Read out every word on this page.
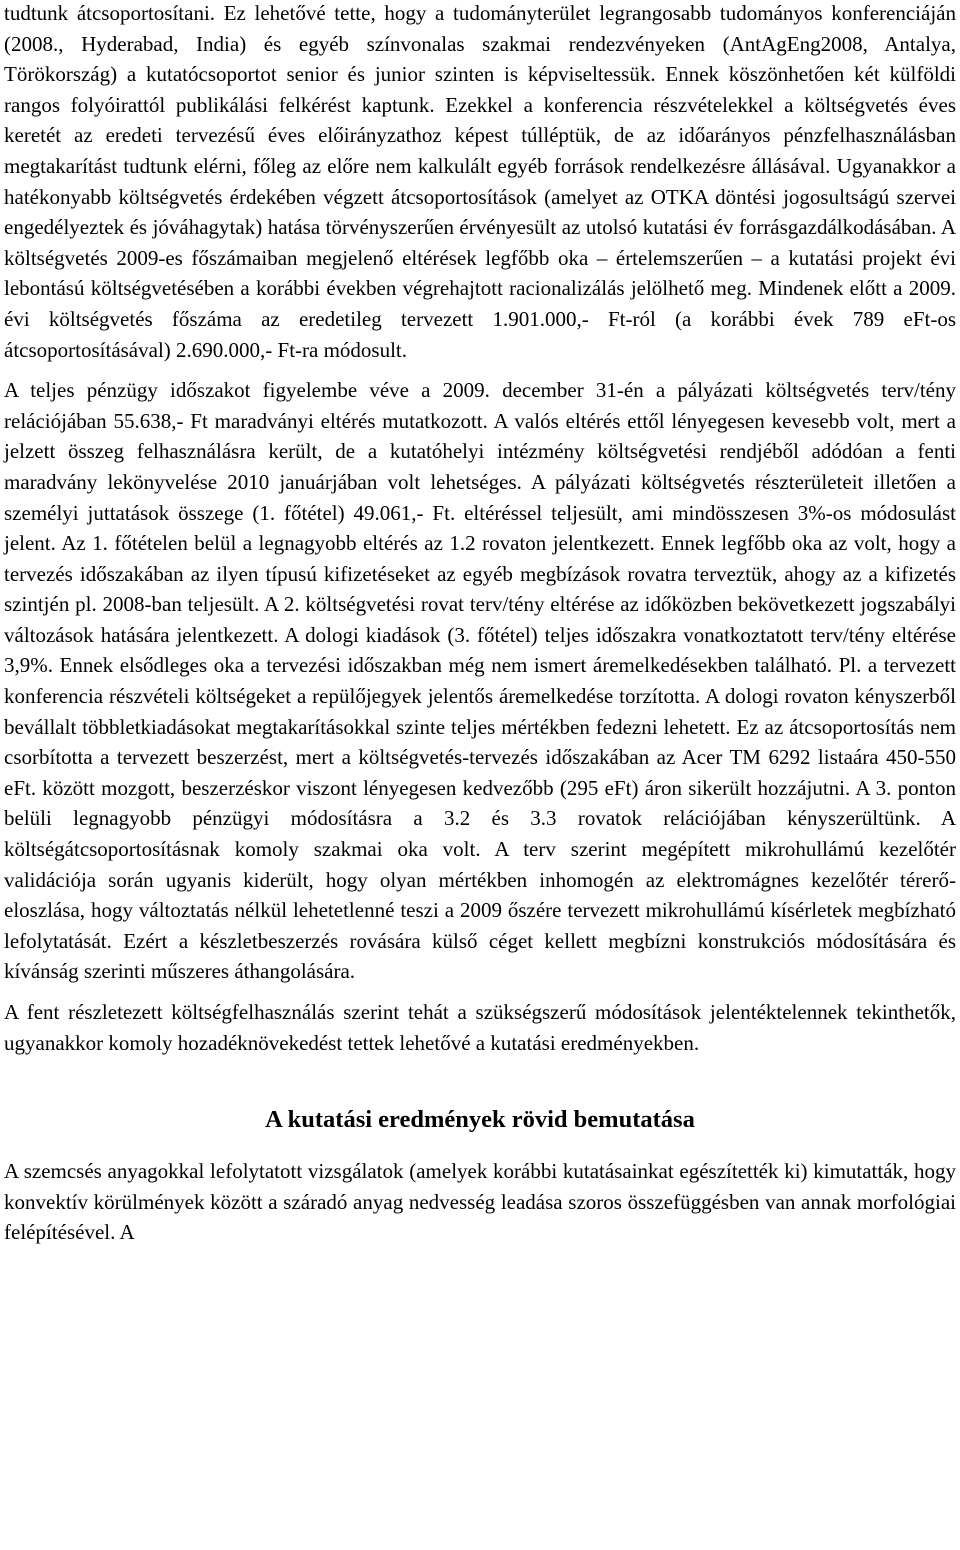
tudtunk átcsoportosítani. Ez lehetővé tette, hogy a tudományterület legrangosabb tudományos konferenciáján (2008., Hyderabad, India) és egyéb színvonalas szakmai rendezvényeken (AntAgEng2008, Antalya, Törökország) a kutatócsoportot senior és junior szinten is képviseltessük. Ennek köszönhetően két külföldi rangos folyóirattól publikálási felkérést kaptunk. Ezekkel a konferencia részvételekkel a költségvetés éves keretét az eredeti tervezésű éves előirányzathoz képest túlléptük, de az időarányos pénzfelhasználásban megtakarítást tudtunk elérni, főleg az előre nem kalkulált egyéb források rendelkezésre állásával. Ugyanakkor a hatékonyabb költségvetés érdekében végzett átcsoportosítások (amelyet az OTKA döntési jogosultságú szervei engedélyeztek és jóváhagytak) hatása törvényszerűen érvényesült az utolsó kutatási év forrásgazdálkodásában. A költségvetés 2009-es főszámaiban megjelenő eltérések legfőbb oka – értelemszerűen – a kutatási projekt évi lebontású költségvetésében a korábbi években végrehajtott racionalizálás jelölhető meg. Mindenek előtt a 2009. évi költségvetés főszáma az eredetileg tervezett 1.901.000,- Ft-ról (a korábbi évek 789 eFt-os átcsoportosításával) 2.690.000,- Ft-ra módosult.

A teljes pénzügy időszakot figyelembe véve a 2009. december 31-én a pályázati költségvetés terv/tény relációjában 55.638,- Ft maradványi eltérés mutatkozott. A valós eltérés ettől lényegesen kevesebb volt, mert a jelzett összeg felhasználásra került, de a kutatóhelyi intézmény költségvetési rendjéből adódóan a fenti maradvány lekönyvelése 2010 januárjában volt lehetséges. A pályázati költségvetés részterületeit illetően a személyi juttatások összege (1. főtétel) 49.061,- Ft. eltéréssel teljesült, ami mindösszesen 3%-os módosulást jelent. Az 1. főtételen belül a legnagyobb eltérés az 1.2 rovaton jelentkezett. Ennek legfőbb oka az volt, hogy a tervezés időszakában az ilyen típusú kifizetéseket az egyéb megbízások rovatra terveztük, ahogy az a kifizetés szintjén pl. 2008-ban teljesült. A 2. költségvetési rovat terv/tény eltérése az időközben bekövetkezett jogszabályi változások hatására jelentkezett. A dologi kiadások (3. főtétel) teljes időszakra vonatkoztatott terv/tény eltérése 3,9%. Ennek elsődleges oka a tervezési időszakban még nem ismert áremelkedésekben található. Pl. a tervezett konferencia részvételi költségeket a repülőjegyek jelentős áremelkedése torzította. A dologi rovaton kényszerből bevállalt többletkiadásokat megtakarításokkal szinte teljes mértékben fedezni lehetett. Ez az átcsoportosítás nem csorbította a tervezett beszerzést, mert a költségvetés-tervezés időszakában az Acer TM 6292 listaára 450-550 eFt. között mozgott, beszerzéskor viszont lényegesen kedvezőbb (295 eFt) áron sikerült hozzájutni. A 3. ponton belüli legnagyobb pénzügyi módosításra a 3.2 és 3.3 rovatok relációjában kényszerültünk. A költségátcsoportosításnak komoly szakmai oka volt. A terv szerint megépített mikrohullámú kezelőtér validációja során ugyanis kiderült, hogy olyan mértékben inhomogén az elektromágnes kezelőtér térerő-eloszlása, hogy változtatás nélkül lehetetlenné teszi a 2009 őszére tervezett mikrohullámú kísérletek megbízható lefolytatását. Ezért a készletbeszerzés rovására külső céget kellett megbízni konstrukciós módosítására és kívánság szerinti műszeres áthangolására.

A fent részletezett költségfelhasználás szerint tehát a szükségszerű módosítások jelentéktelennek tekinthetők, ugyanakkor komoly hozadéknövekedést tettek lehetővé a kutatási eredményekben.

A kutatási eredmények rövid bemutatása

A szemcsés anyagokkal lefolytatott vizsgálatok (amelyek korábbi kutatásainkat egészítették ki) kimutatták, hogy konvektív körülmények között a száradó anyag nedvesség leadása szoros összefüggésben van annak morfológiai felépítésével. A
